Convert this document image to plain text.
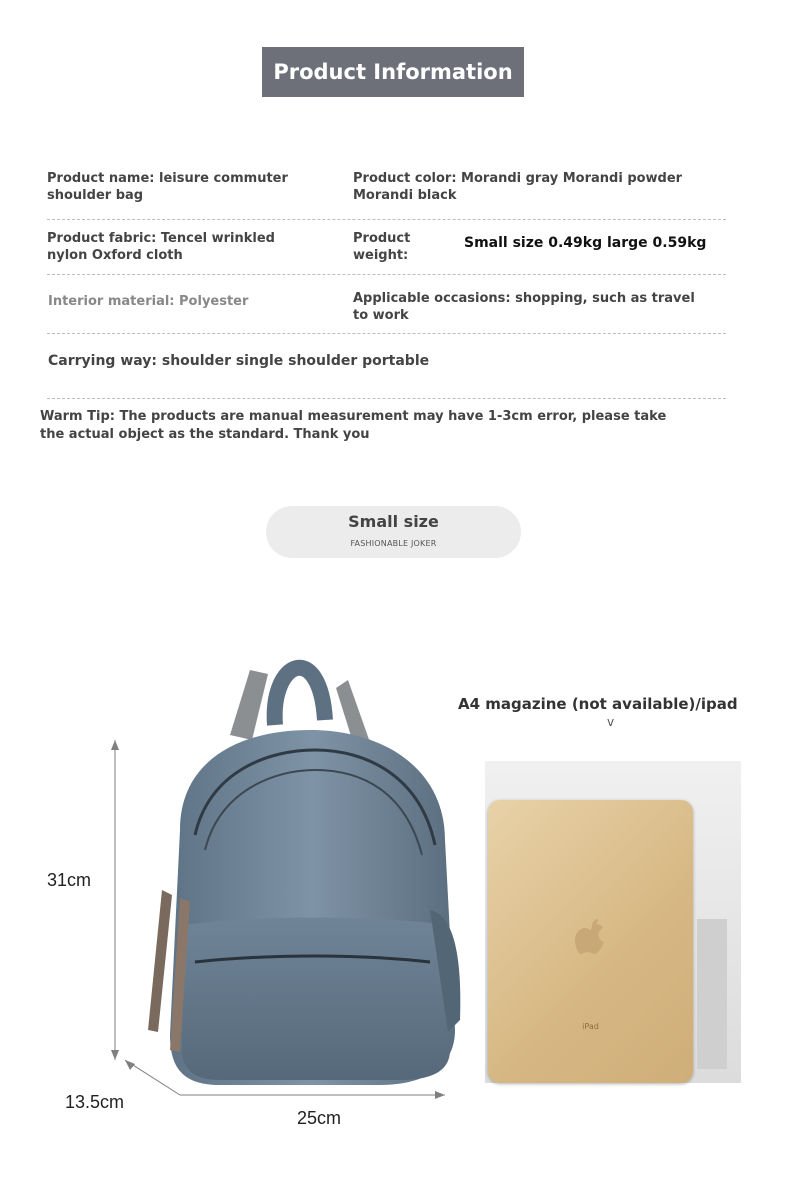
Product Information
Product name: leisure commuter shoulder bag
Product color: Morandi gray Morandi powder Morandi black
Product fabric: Tencel wrinkled nylon Oxford cloth
Product weight:
Small size 0.49kg large 0.59kg
Interior material: Polyester	Applicable occasions: shopping, such as travel to work
Carrying way: shoulder single shoulder portable
Warm Tip: The products are manual measurement may have 1-3cm error, please take the actual object as the standard. Thank you
Small size
FASHIONABLE JOKER
31cm
13.5cm
25cm
A4 magazine (not available)/ipad
v
iPad
